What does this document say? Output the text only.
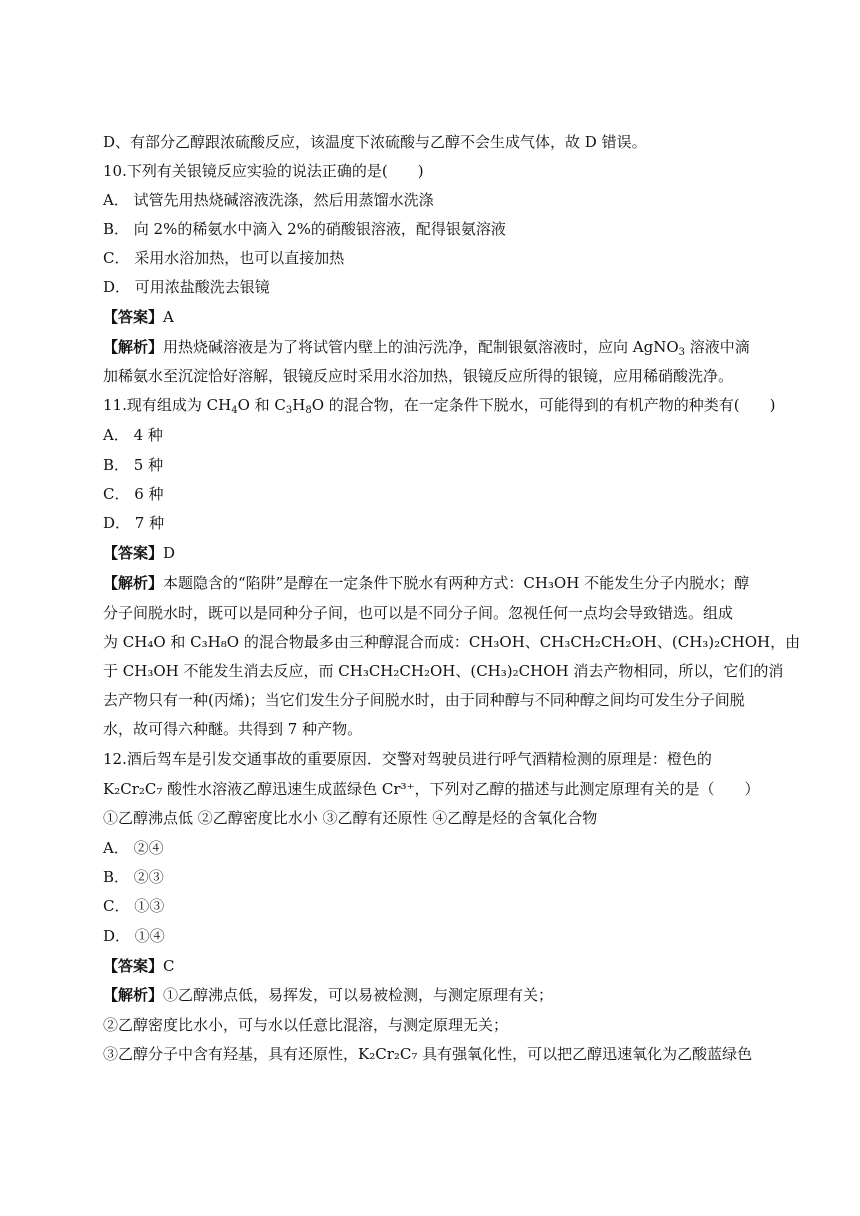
D、有部分乙醇跟浓硫酸反应，该温度下浓硫酸与乙醇不会生成气体，故 D 错误。
10.下列有关银镜反应实验的说法正确的是(　　)
A． 试管先用热烧碱溶液洗涤，然后用蒸馏水洗涤
B． 向 2%的稀氨水中滴入 2%的硝酸银溶液，配得银氨溶液
C． 采用水浴加热，也可以直接加热
D． 可用浓盐酸洗去银镜
【答案】A
【解析】用热烧碱溶液是为了将试管内壁上的油污洗净，配制银氨溶液时，应向 AgNO$_3$ 溶液中滴
加稀氨水至沉淀恰好溶解，银镜反应时采用水浴加热，银镜反应所得的银镜，应用稀硝酸洗净。
11.现有组成为 $CH_4O$ 和 $C_3H_8O$ 的混合物，在一定条件下脱水，可能得到的有机产物的种类有(　　)
A． 4 种
B． 5 种
C． 6 种
D． 7 种
【答案】D
【解析】本题隐含的“陷阱”是醇在一定条件下脱水有两种方式：CH₃OH 不能发生分子内脱水；醇
分子间脱水时，既可以是同种分子间，也可以是不同分子间。忽视任何一点均会导致错选。组成
为 CH₄O 和 C₃H₈O 的混合物最多由三种醇混合而成：CH₃OH、CH₃CH₂CH₂OH、(CH₃)₂CHOH，由
于 CH₃OH 不能发生消去反应，而 CH₃CH₂CH₂OH、(CH₃)₂CHOH 消去产物相同，所以，它们的消
去产物只有一种(丙烯)；当它们发生分子间脱水时，由于同种醇与不同种醇之间均可发生分子间脱
水，故可得六种醚。共得到 7 种产物。
12.酒后驾车是引发交通事故的重要原因．交警对驾驶员进行呼气酒精检测的原理是：橙色的
K₂Cr₂C₇ 酸性水溶液乙醇迅速生成蓝绿色 Cr³⁺，下列对乙醇的描述与此测定原理有关的是（　　）
①乙醇沸点低 ②乙醇密度比水小 ③乙醇有还原性 ④乙醇是烃的含氧化合物
A． ②④
B． ②③
C． ①③
D． ①④
【答案】C
【解析】①乙醇沸点低，易挥发，可以易被检测，与测定原理有关；
②乙醇密度比水小，可与水以任意比混溶，与测定原理无关；
③乙醇分子中含有羟基，具有还原性，K₂Cr₂C₇ 具有强氧化性，可以把乙醇迅速氧化为乙酸蓝绿色
